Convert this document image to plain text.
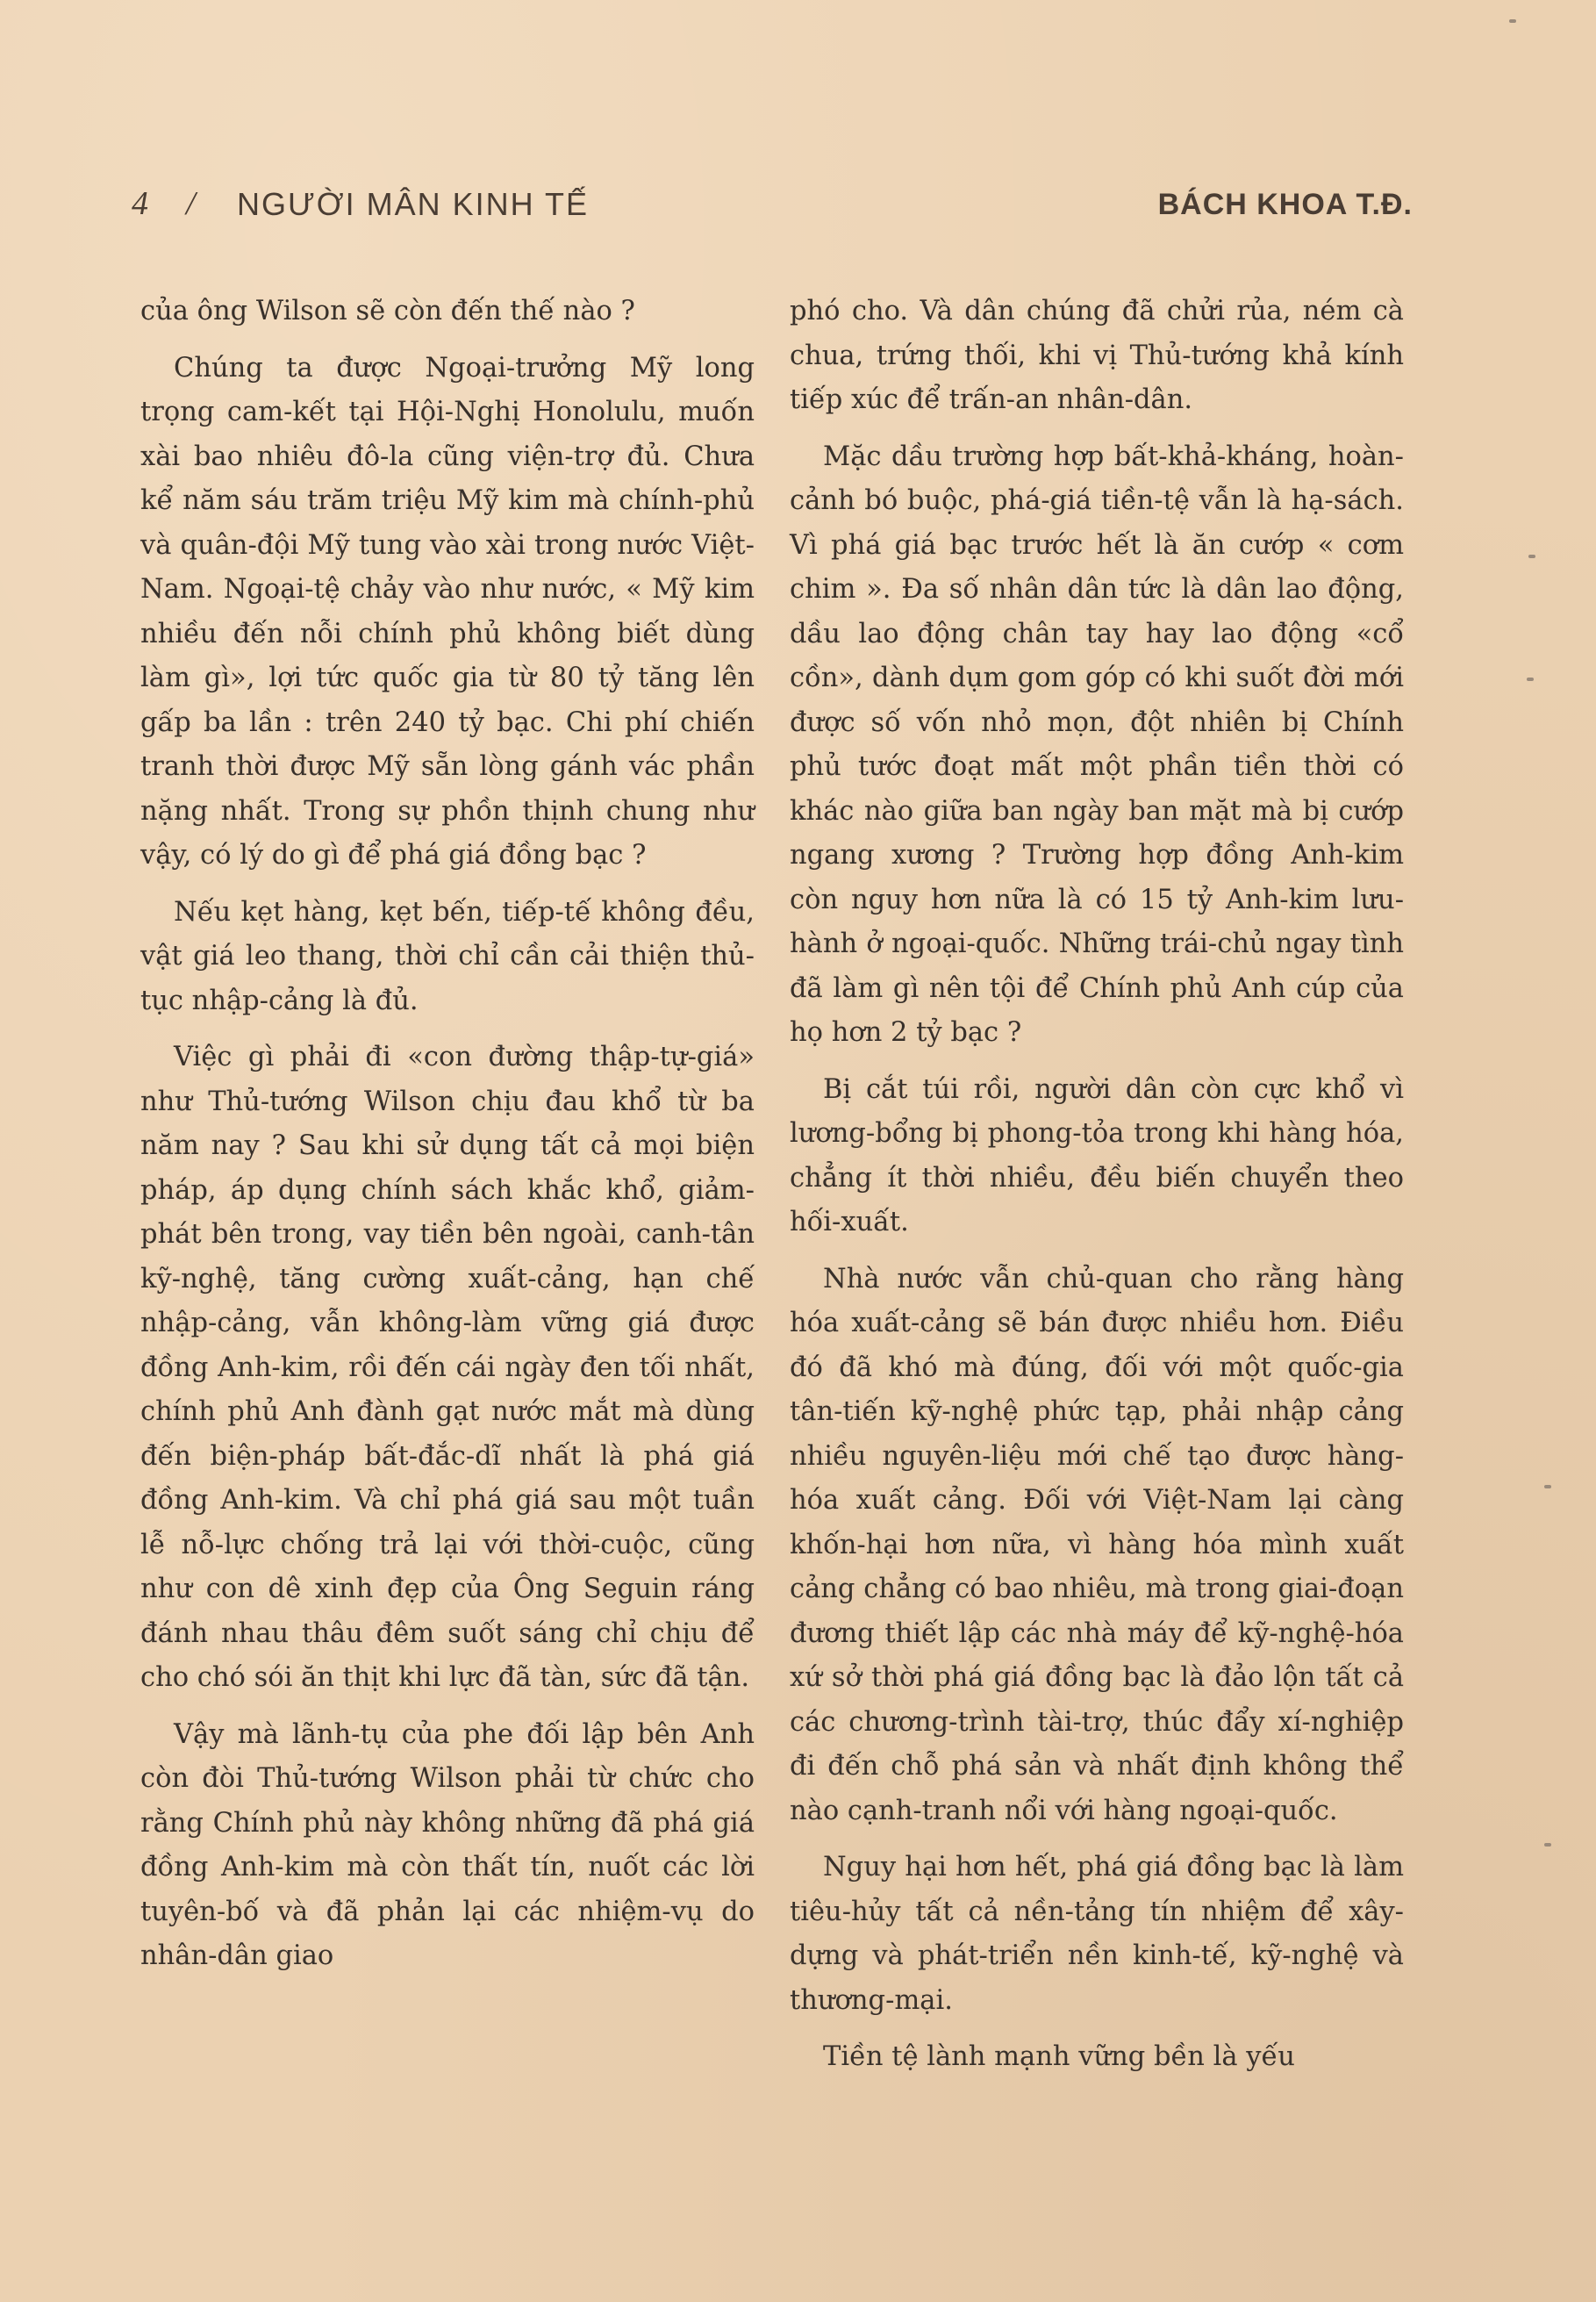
4 / NGƯỜI MÂN KINH TẾ	BÁCH KHOA T.Đ.

của ông Wilson sẽ còn đến thế nào ?

Chúng ta được Ngoại-trưởng Mỹ long trọng cam-kết tại Hội-Nghị Honolulu, muốn xài bao nhiêu đô-la cũng viện-trợ đủ. Chưa kể năm sáu trăm triệu Mỹ kim mà chính-phủ và quân-đội Mỹ tung vào xài trong nước Việt-Nam. Ngoại-tệ chảy vào như nước, « Mỹ kim nhiều đến nỗi chính phủ không biết dùng làm gì», lợi tức quốc gia từ 80 tỷ tăng lên gấp ba lần : trên 240 tỷ bạc. Chi phí chiến tranh thời được Mỹ sẵn lòng gánh vác phần nặng nhất. Trong sự phồn thịnh chung như vậy, có lý do gì để phá giá đồng bạc ?

Nếu kẹt hàng, kẹt bến, tiếp-tế không đều, vật giá leo thang, thời chỉ cần cải thiện thủ-tục nhập-cảng là đủ.

Việc gì phải đi «con đường thập-tự-giá» như Thủ-tướng Wilson chịu đau khổ từ ba năm nay ? Sau khi sử dụng tất cả mọi biện pháp, áp dụng chính sách khắc khổ, giảm-phát bên trong, vay tiền bên ngoài, canh-tân kỹ-nghệ, tăng cường xuất-cảng, hạn chế nhập-cảng, vẫn không-làm vững giá được đồng Anh-kim, rồi đến cái ngày đen tối nhất, chính phủ Anh đành gạt nước mắt mà dùng đến biện-pháp bất-đắc-dĩ nhất là phá giá đồng Anh-kim. Và chỉ phá giá sau một tuần lễ nỗ-lực chống trả lại với thời-cuộc, cũng như con dê xinh đẹp của Ông Seguin ráng đánh nhau thâu đêm suốt sáng chỉ chịu để cho chó sói ăn thịt khi lực đã tàn, sức đã tận.

Vậy mà lãnh-tụ của phe đối lập bên Anh còn đòi Thủ-tướng Wilson phải từ chức cho rằng Chính phủ này không những đã phá giá đồng Anh-kim mà còn thất tín, nuốt các lời tuyên-bố và đã phản lại các nhiệm-vụ do nhân-dân giao

phó cho. Và dân chúng đã chửi rủa, ném cà chua, trứng thối, khi vị Thủ-tướng khả kính tiếp xúc để trấn-an nhân-dân.

Mặc dầu trường hợp bất-khả-kháng, hoàn-cảnh bó buộc, phá-giá tiền-tệ vẫn là hạ-sách. Vì phá giá bạc trước hết là ăn cướp « cơm chim ». Đa số nhân dân tức là dân lao động, dầu lao động chân tay hay lao động «cổ cồn», dành dụm gom góp có khi suốt đời mới được số vốn nhỏ mọn, đột nhiên bị Chính phủ tước đoạt mất một phần tiền thời có khác nào giữa ban ngày ban mặt mà bị cướp ngang xương ? Trường hợp đồng Anh-kim còn nguy hơn nữa là có 15 tỷ Anh-kim lưu-hành ở ngoại-quốc. Những trái-chủ ngay tình đã làm gì nên tội để Chính phủ Anh cúp của họ hơn 2 tỷ bạc ?

Bị cắt túi rồi, người dân còn cực khổ vì lương-bổng bị phong-tỏa trong khi hàng hóa, chẳng ít thời nhiều, đều biến chuyển theo hối-xuất.

Nhà nước vẫn chủ-quan cho rằng hàng hóa xuất-cảng sẽ bán được nhiều hơn. Điều đó đã khó mà đúng, đối với một quốc-gia tân-tiến kỹ-nghệ phức tạp, phải nhập cảng nhiều nguyên-liệu mới chế tạo được hàng-hóa xuất cảng. Đối với Việt-Nam lại càng khốn-hại hơn nữa, vì hàng hóa mình xuất cảng chẳng có bao nhiêu, mà trong giai-đoạn đương thiết lập các nhà máy để kỹ-nghệ-hóa xứ sở thời phá giá đồng bạc là đảo lộn tất cả các chương-trình tài-trợ, thúc đẩy xí-nghiệp đi đến chỗ phá sản và nhất định không thể nào cạnh-tranh nổi với hàng ngoại-quốc.

Nguy hại hơn hết, phá giá đồng bạc là làm tiêu-hủy tất cả nền-tảng tín nhiệm để xây-dựng và phát-triển nền kinh-tế, kỹ-nghệ và thương-mại.

Tiền tệ lành mạnh vững bền là yếu
